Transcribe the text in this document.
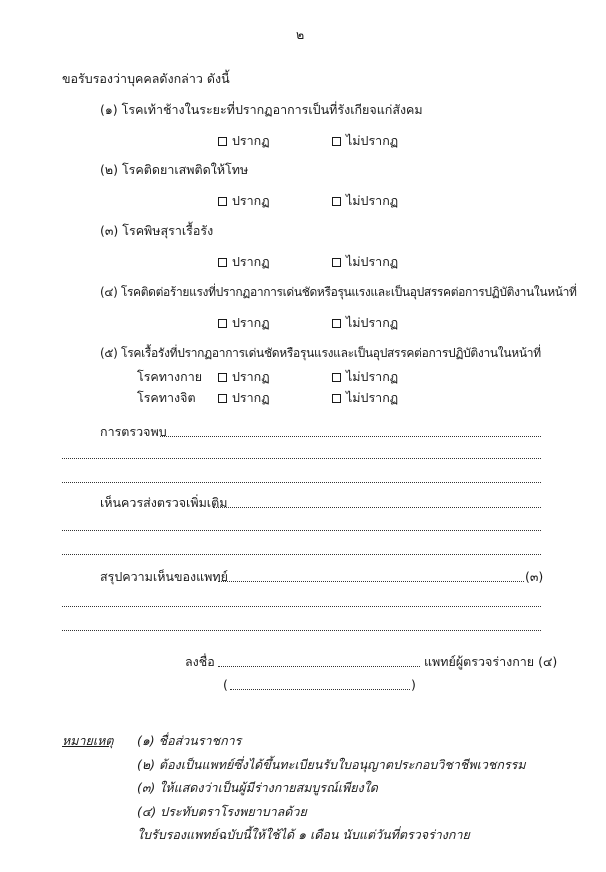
๒
ขอรับรองว่าบุคคลดังกล่าว ดังนี้
(๑) โรคเท้าช้างในระยะที่ปรากฏอาการเป็นที่รังเกียจแก่สังคม
ปรากฏ	ไม่ปรากฏ
(๒) โรคติดยาเสพติดให้โทษ
ปรากฏ	ไม่ปรากฏ
(๓) โรคพิษสุราเรื้อรัง
ปรากฏ	ไม่ปรากฏ
(๔) โรคติดต่อร้ายแรงที่ปรากฏอาการเด่นชัดหรือรุนแรงและเป็นอุปสรรคต่อการปฏิบัติงานในหน้าที่
ปรากฏ	ไม่ปรากฏ
(๕) โรคเรื้อรังที่ปรากฏอาการเด่นชัดหรือรุนแรงและเป็นอุปสรรคต่อการปฏิบัติงานในหน้าที่
โรคทางกาย	ปรากฏ	ไม่ปรากฏ
โรคทางจิต	ปรากฏ	ไม่ปรากฏ
การตรวจพบ
เห็นควรส่งตรวจเพิ่มเติม
สรุปความเห็นของแพทย์	(๓)
ลงชื่อ	แพทย์ผู้ตรวจร่างกาย (๔)
(	)
หมายเหตุ (๑) ชื่อส่วนราชการ
(๒) ต้องเป็นแพทย์ซึ่งได้ขึ้นทะเบียนรับใบอนุญาตประกอบวิชาชีพเวชกรรม
(๓) ให้แสดงว่าเป็นผู้มีร่างกายสมบูรณ์เพียงใด
(๔) ประทับตราโรงพยาบาลด้วย
ใบรับรองแพทย์ฉบับนี้ให้ใช้ได้ ๑ เดือน นับแต่วันที่ตรวจร่างกาย
